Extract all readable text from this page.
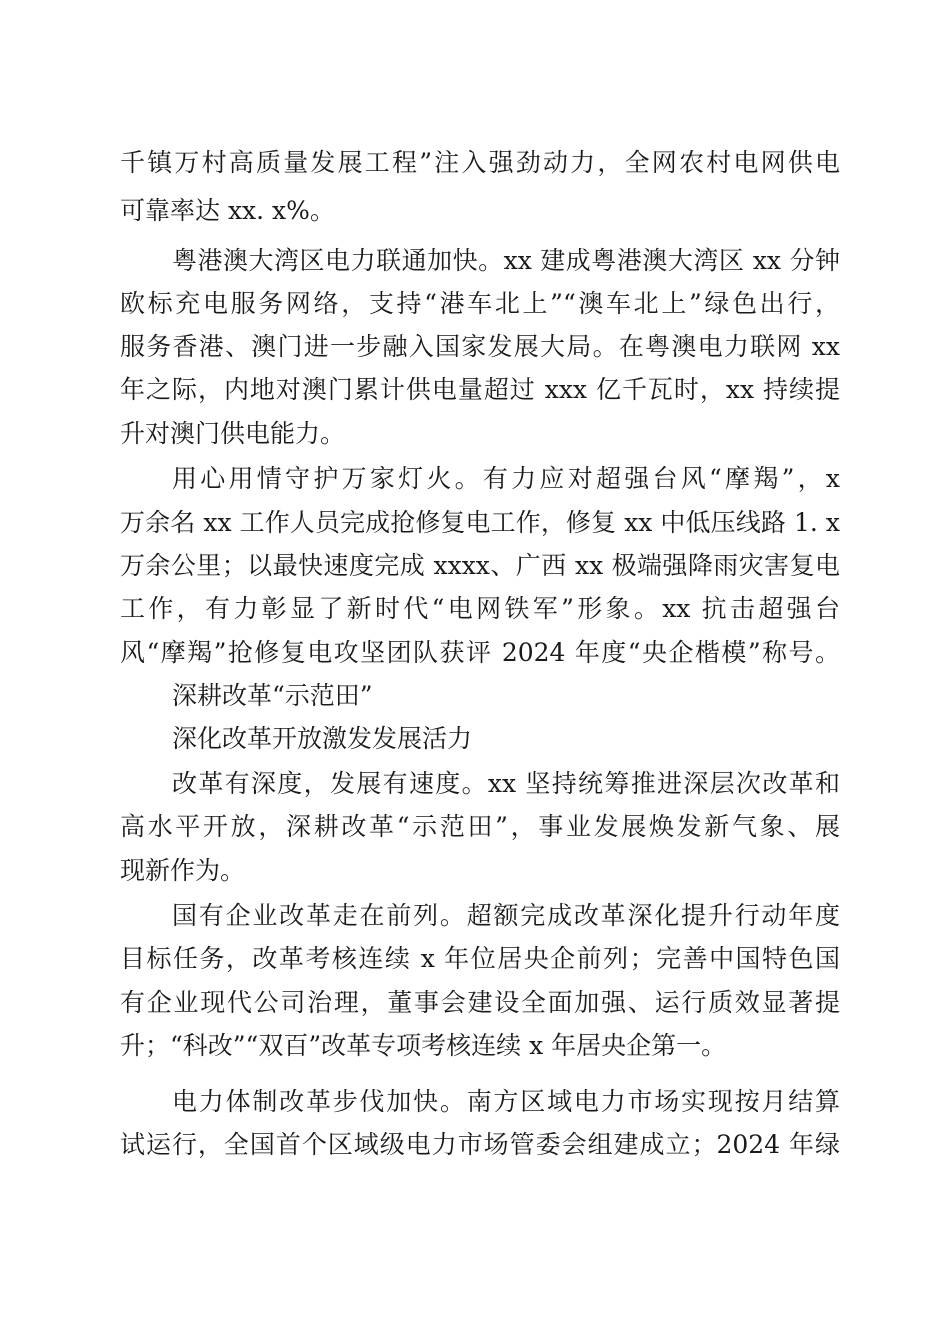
千镇万村高质量发展工程”注入强劲动力，全网农村电网供电
可靠率达 xx. x%。
粤港澳大湾区电力联通加快。xx 建成粤港澳大湾区 xx 分钟
欧标充电服务网络，支持“港车北上”“澳车北上”绿色出行，
服务香港、澳门进一步融入国家发展大局。在粤澳电力联网 xx
年之际，内地对澳门累计供电量超过 xxx 亿千瓦时，xx 持续提
升对澳门供电能力。
用心用情守护万家灯火。有力应对超强台风“摩羯”，x
万余名 xx 工作人员完成抢修复电工作，修复 xx 中低压线路 1. x
万余公里；以最快速度完成 xxxx、广西 xx 极端强降雨灾害复电
工作，有力彰显了新时代“电网铁军”形象。xx 抗击超强台
风“摩羯”抢修复电攻坚团队获评 2024 年度“央企楷模”称号。
深耕改革“示范田”
深化改革开放激发发展活力
改革有深度，发展有速度。xx 坚持统筹推进深层次改革和
高水平开放，深耕改革“示范田”，事业发展焕发新气象、展
现新作为。
国有企业改革走在前列。超额完成改革深化提升行动年度
目标任务，改革考核连续 x 年位居央企前列；完善中国特色国
有企业现代公司治理，董事会建设全面加强、运行质效显著提
升；“科改”“双百”改革专项考核连续 x 年居央企第一。
电力体制改革步伐加快。南方区域电力市场实现按月结算
试运行，全国首个区域级电力市场管委会组建成立；2024 年绿
